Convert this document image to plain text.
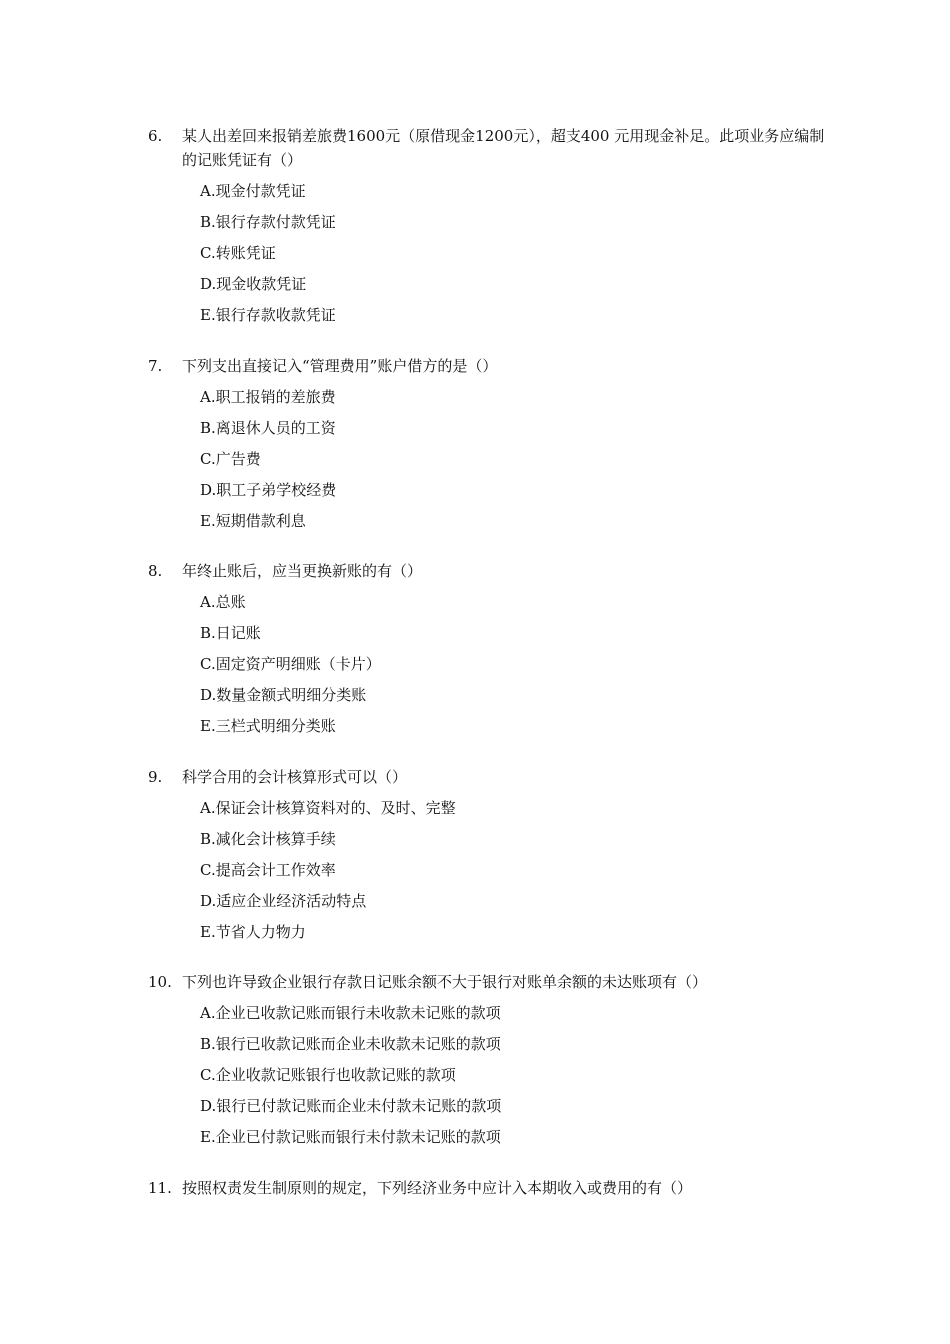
6.	某人出差回来报销差旅费1600元（原借现金1200元），超支400 元用现金补足。此项业务应编制的记账凭证有（）
A.现金付款凭证
B.银行存款付款凭证
C.转账凭证
D.现金收款凭证
E.银行存款收款凭证
7.	下列支出直接记入“管理费用”账户借方的是（）
A.职工报销的差旅费
B.离退休人员的工资
C.广告费
D.职工子弟学校经费
E.短期借款利息
8.	年终止账后，应当更换新账的有（）
A.总账
B.日记账
C.固定资产明细账（卡片）
D.数量金额式明细分类账
E.三栏式明细分类账
9.	科学合用的会计核算形式可以（）
A.保证会计核算资料对的、及时、完整
B.减化会计核算手续
C.提高会计工作效率
D.适应企业经济活动特点
E.节省人力物力
10. 下列也许导致企业银行存款日记账余额不大于银行对账单余额的未达账项有（）
A.企业已收款记账而银行未收款未记账的款项
B.银行已收款记账而企业未收款未记账的款项
C.企业收款记账银行也收款记账的款项
D.银行已付款记账而企业未付款未记账的款项
E.企业已付款记账而银行未付款未记账的款项
11. 按照权责发生制原则的规定，下列经济业务中应计入本期收入或费用的有（）
